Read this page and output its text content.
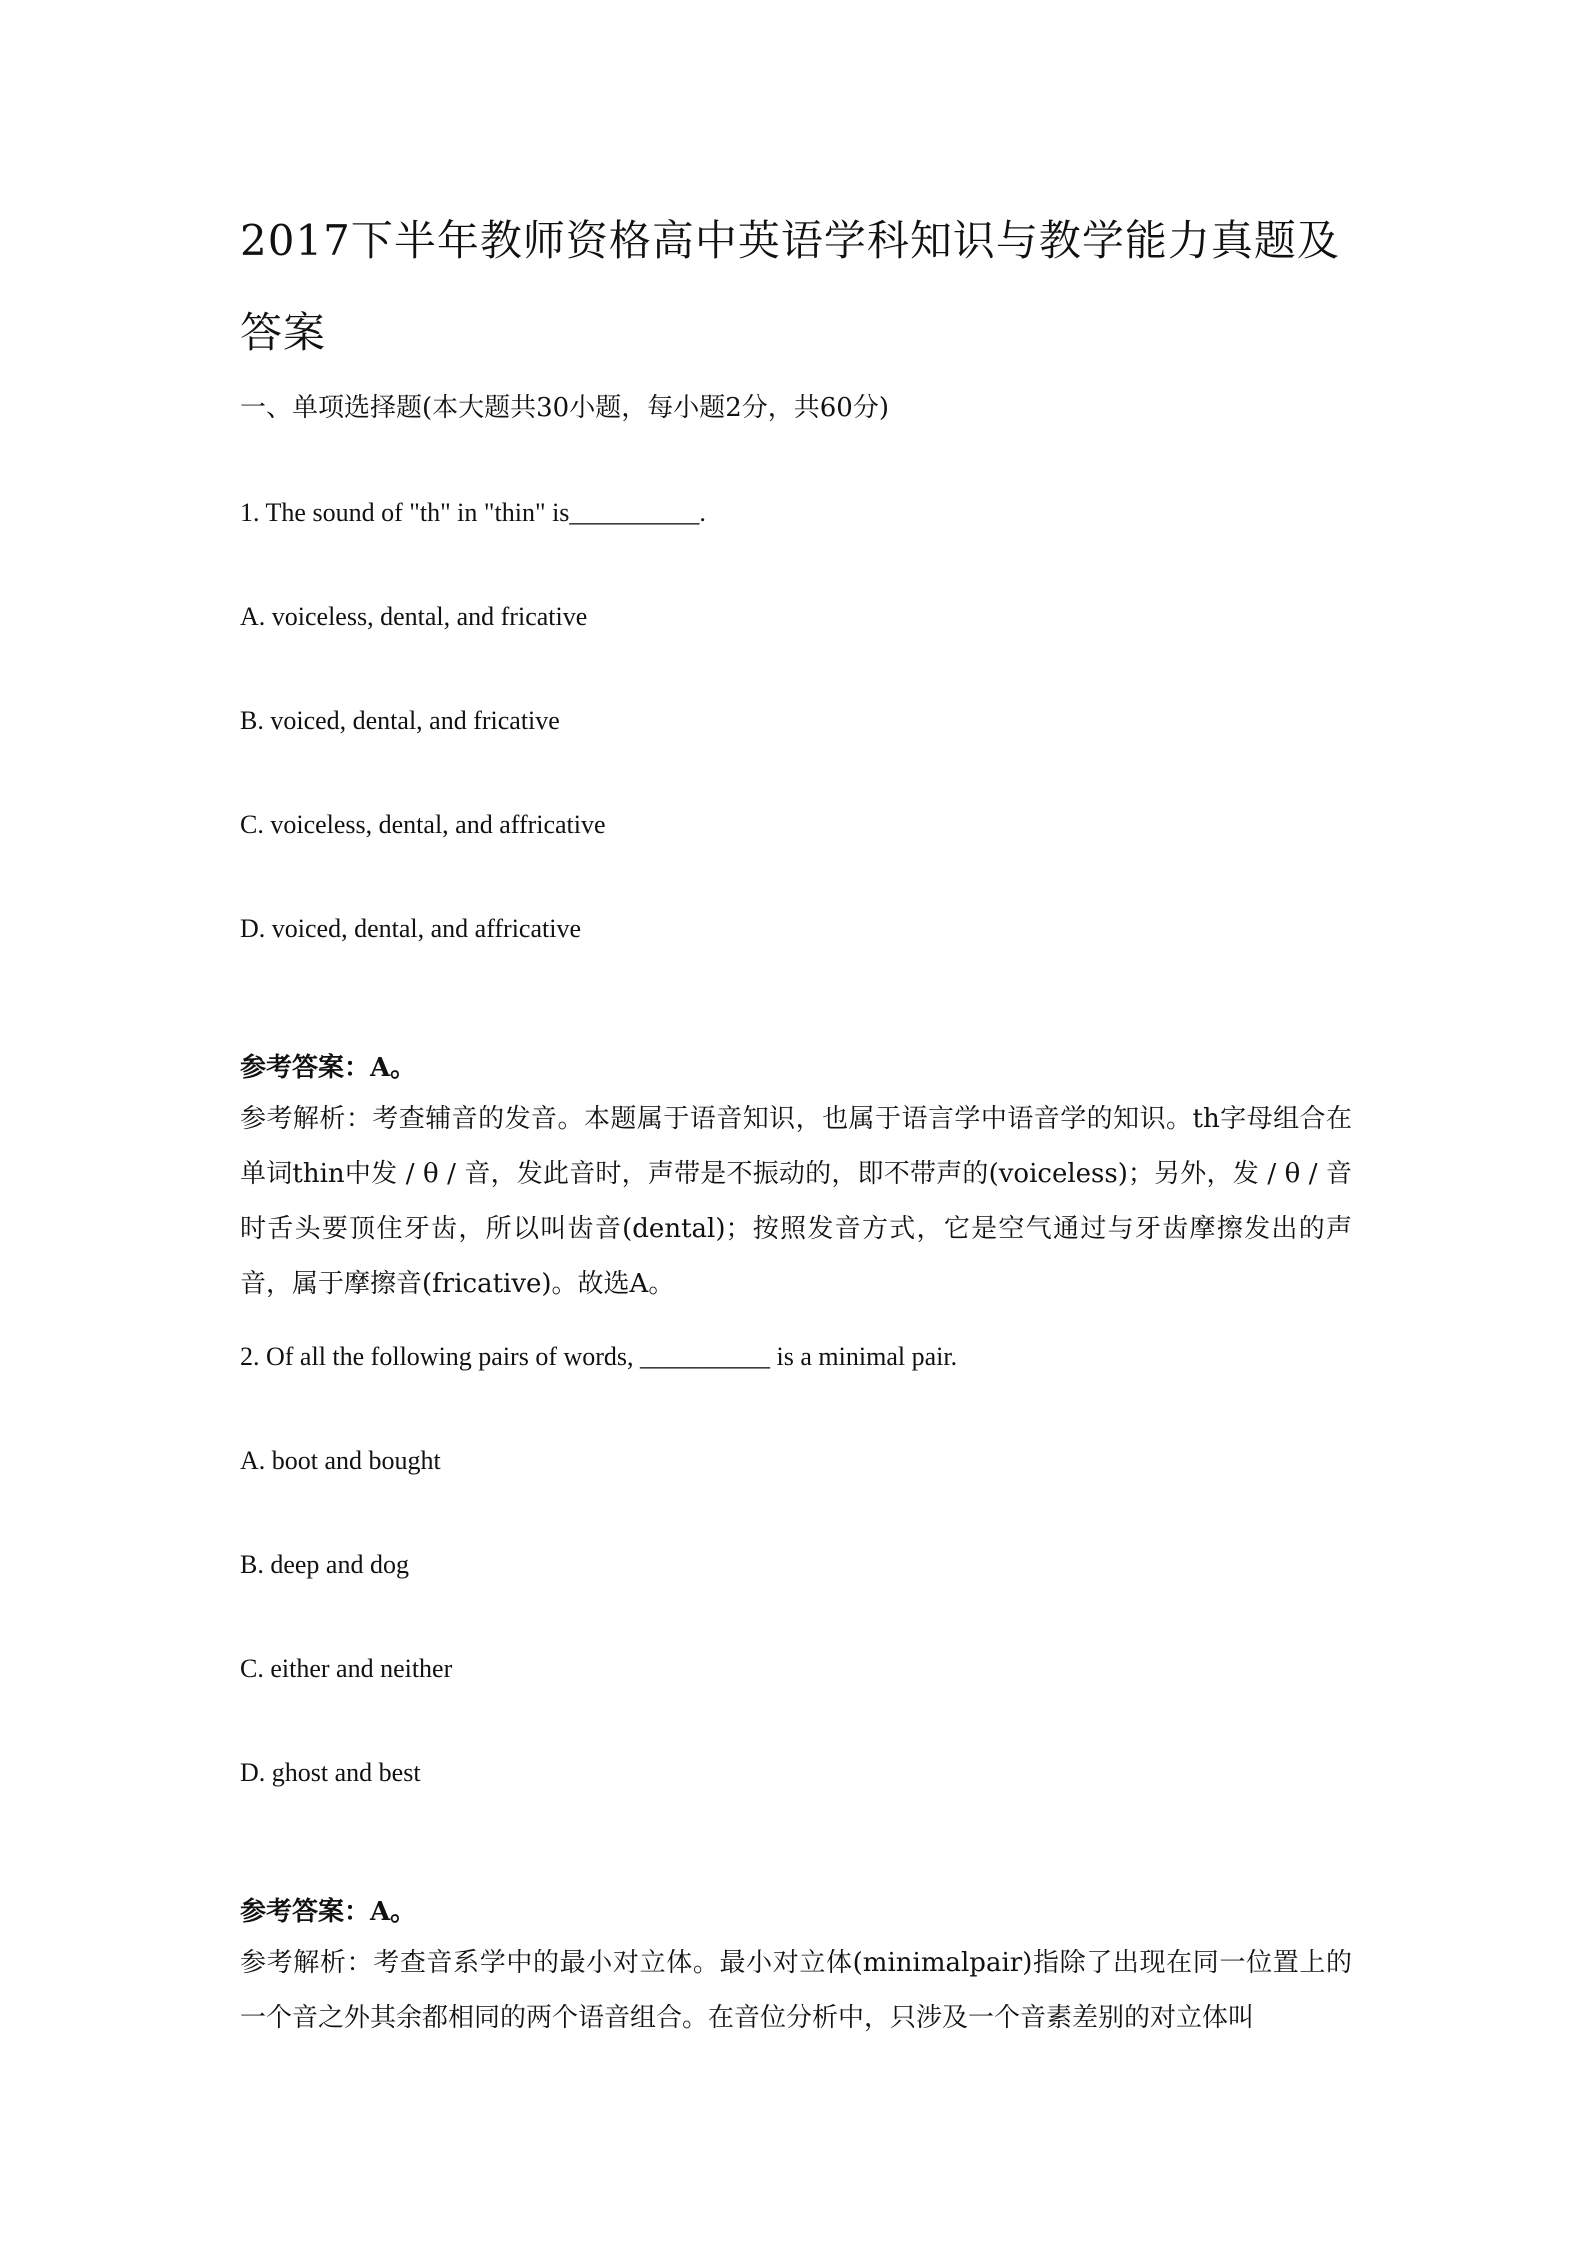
2017下半年教师资格高中英语学科知识与教学能力真题及答案
一、单项选择题(本大题共30小题，每小题2分，共60分)
1. The sound of "th" in "thin" is__________.
A. voiceless, dental, and fricative
B. voiced, dental, and fricative
C. voiceless, dental, and affricative
D. voiced, dental, and affricative
参考答案：A。
参考解析：考查辅音的发音。本题属于语音知识，也属于语言学中语音学的知识。th字母组合在单词thin中发 / θ / 音，发此音时，声带是不振动的，即不带声的(voiceless)；另外，发 / θ / 音时舌头要顶住牙齿，所以叫齿音(dental)；按照发音方式，它是空气通过与牙齿摩擦发出的声音，属于摩擦音(fricative)。故选A。
2. Of all the following pairs of words, __________ is a minimal pair.
A. boot and bought
B. deep and dog
C. either and neither
D. ghost and best
参考答案：A。
参考解析：考查音系学中的最小对立体。最小对立体(minimalpair)指除了出现在同一位置上的一个音之外其余都相同的两个语音组合。在音位分析中，只涉及一个音素差别的对立体叫
